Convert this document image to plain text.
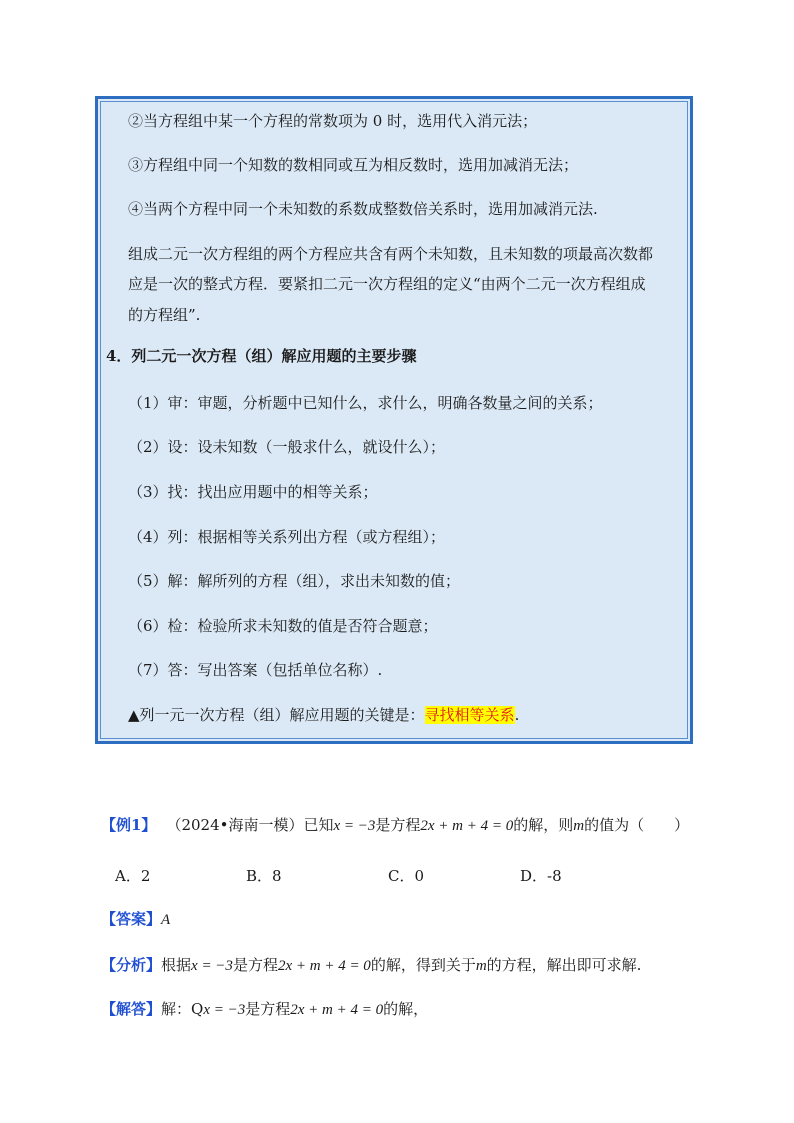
②当方程组中某一个方程的常数项为 0 时，选用代入消元法；
③方程组中同一个知数的数相同或互为相反数时，选用加减消无法；
④当两个方程中同一个未知数的系数成整数倍关系时，选用加减消元法.
组成二元一次方程组的两个方程应共含有两个未知数，且未知数的项最高次数都
应是一次的整式方程．要紧扣二元一次方程组的定义“由两个二元一次方程组成
的方程组”.
4．列二元一次方程（组）解应用题的主要步骤
（1）审：审题，分析题中已知什么，求什么，明确各数量之间的关系；
（2）设：设未知数（一般求什么，就设什么）；
（3）找：找出应用题中的相等关系；
（4）列：根据相等关系列出方程（或方程组）；
（5）解：解所列的方程（组），求出未知数的值；
（6）检：检验所求未知数的值是否符合题意；
（7）答：写出答案（包括单位名称）.
▲列一元一次方程（组）解应用题的关键是：寻找相等关系.
【例1】 （2024•海南一模）已知x = −3是方程2x + m + 4 = 0的解，则m的值为（　　）
A．2	B．8	C．0	D．-8
【答案】A
【分析】根据x = −3是方程2x + m + 4 = 0的解，得到关于m的方程，解出即可求解.
【解答】解：Qx = −3是方程2x + m + 4 = 0的解，
